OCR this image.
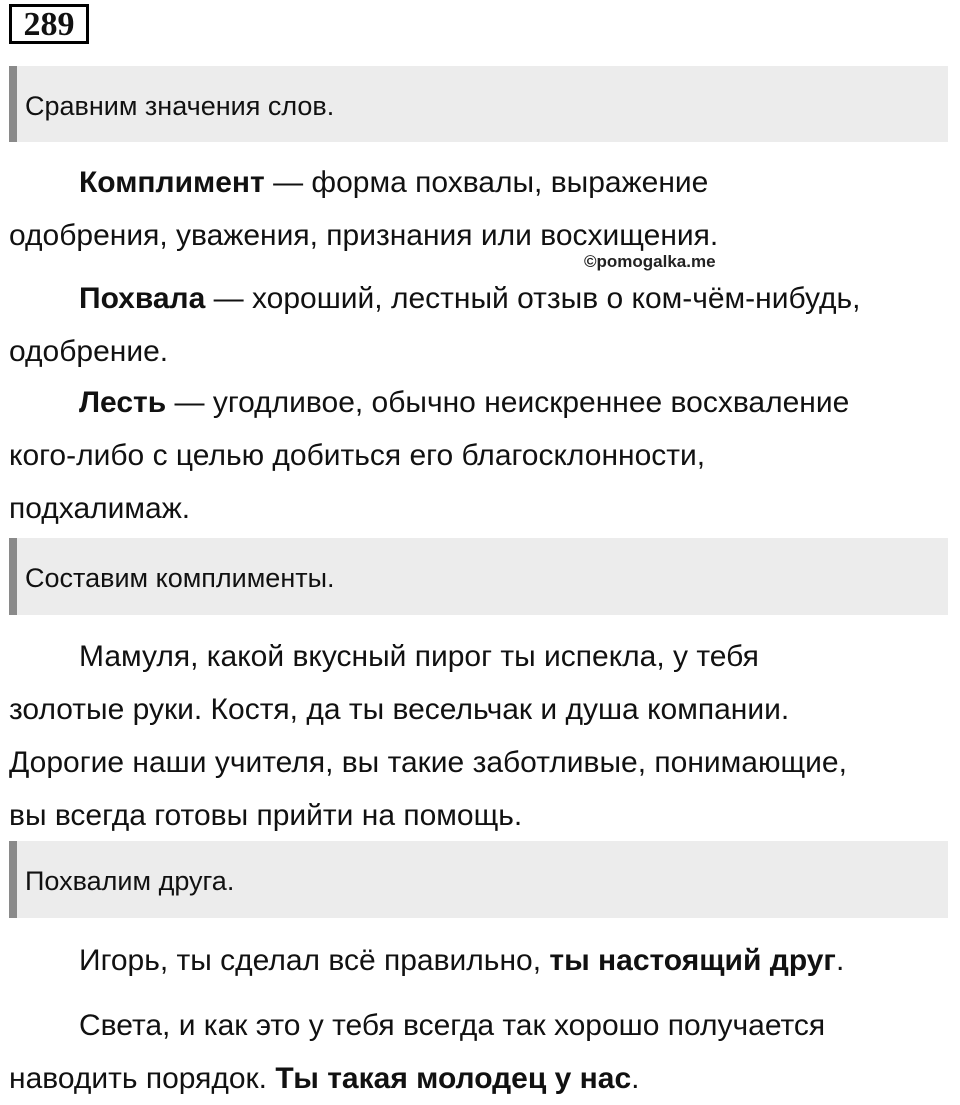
289
Сравним значения слов.
Комплимент — форма похвалы, выражение
одобрения, уважения, признания или восхищения.
©pomogalka.me
Похвала — хороший, лестный отзыв о ком-чём-нибудь,
одобрение.
Лесть — угодливое, обычно неискреннее восхваление
кого-либо с целью добиться его благосклонности,
подхалимаж.
Составим комплименты.
Мамуля, какой вкусный пирог ты испекла, у тебя
золотые руки. Костя, да ты весельчак и душа компании.
Дорогие наши учителя, вы такие заботливые, понимающие,
вы всегда готовы прийти на помощь.
Похвалим друга.
Игорь, ты сделал всё правильно, ты настоящий друг.
Света, и как это у тебя всегда так хорошо получается
наводить порядок. Ты такая молодец у нас.
